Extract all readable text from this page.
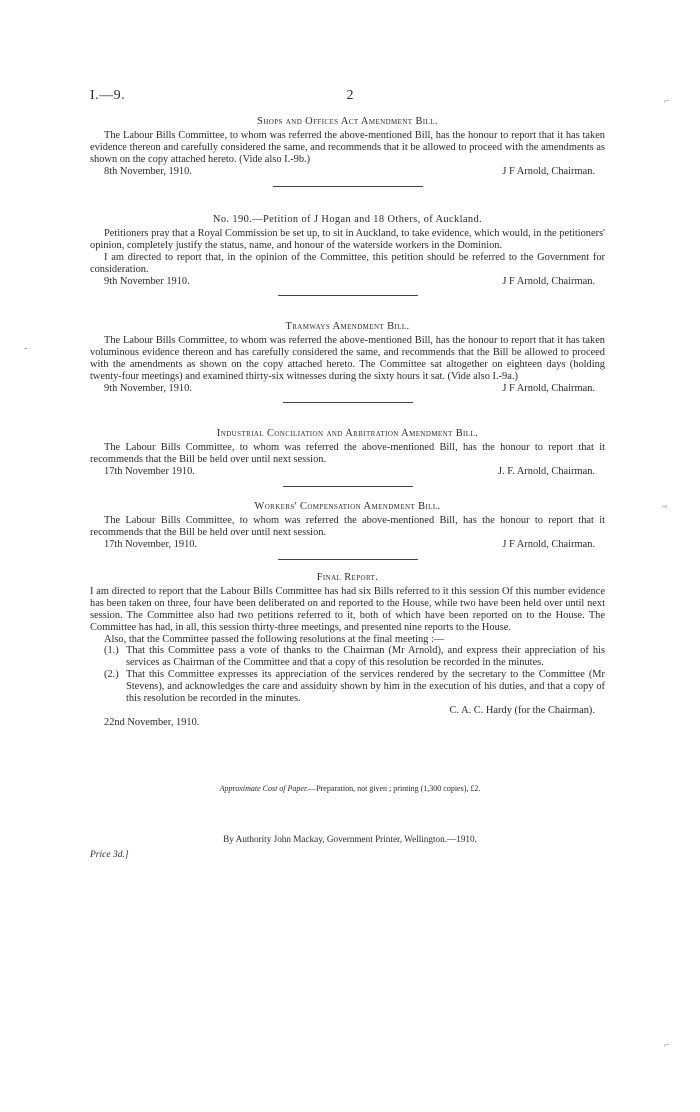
I.—9.	2
Shops and Offices Act Amendment Bill.
The Labour Bills Committee, to whom was referred the above-mentioned Bill, has the honour to report that it has taken evidence thereon and carefully considered the same, and recommends that it be allowed to proceed with the amendments as shown on the copy attached hereto. (Vide also I.-9b.)
8th November, 1910.	J F Arnold, Chairman.
No. 190.—Petition of J Hogan and 18 Others, of Auckland.
Petitioners pray that a Royal Commission be set up, to sit in Auckland, to take evidence, which would, in the petitioners' opinion, completely justify the status, name, and honour of the waterside workers in the Dominion.
I am directed to report that, in the opinion of the Committee, this petition should be referred to the Government for consideration.
9th November 1910.	J F Arnold, Chairman.
Tramways Amendment Bill.
The Labour Bills Committee, to whom was referred the above-mentioned Bill, has the honour to report that it has taken voluminous evidence thereon and has carefully considered the same, and recommends that the Bill be allowed to proceed with the amendments as shown on the copy attached hereto. The Committee sat altogether on eighteen days (holding twenty-four meetings) and examined thirty-six witnesses during the sixty hours it sat. (Vide also I.-9a.)
9th November, 1910.	J F Arnold, Chairman.
Industrial Conciliation and Arbitration Amendment Bill.
The Labour Bills Committee, to whom was referred the above-mentioned Bill, has the honour to report that it recommends that the Bill be held over until next session.
17th November 1910.	J. F. Arnold, Chairman.
Workers' Compensation Amendment Bill.
The Labour Bills Committee, to whom was referred the above-mentioned Bill, has the honour to report that it recommends that the Bill be held over until next session.
17th November, 1910.	J F Arnold, Chairman.
Final Report.
I am directed to report that the Labour Bills Committee has had six Bills referred to it this session Of this number evidence has been taken on three, four have been deliberated on and reported to the House, while two have been held over until next session. The Committee also had two petitions referred to it, both of which have been reported on to the House. The Committee has had, in all, this session thirty-three meetings, and presented nine reports to the House.
Also, that the Committee passed the following resolutions at the final meeting :—
(1.) That this Committee pass a vote of thanks to the Chairman (Mr Arnold), and express their appreciation of his services as Chairman of the Committee and that a copy of this resolution be recorded in the minutes.
(2.) That this Committee expresses its appreciation of the services rendered by the secretary to the Committee (Mr Stevens), and acknowledges the care and assiduity shown by him in the execution of his duties, and that a copy of this resolution be recorded in the minutes.
C. A. C. Hardy (for the Chairman).
22nd November, 1910.
Approximate Cost of Paper.—Preparation, not given ; printing (1,300 copies), £2.
By Authority John Mackay, Government Printer, Wellington.—1910.
Price 3d.]
⌐
-
~
⌐
